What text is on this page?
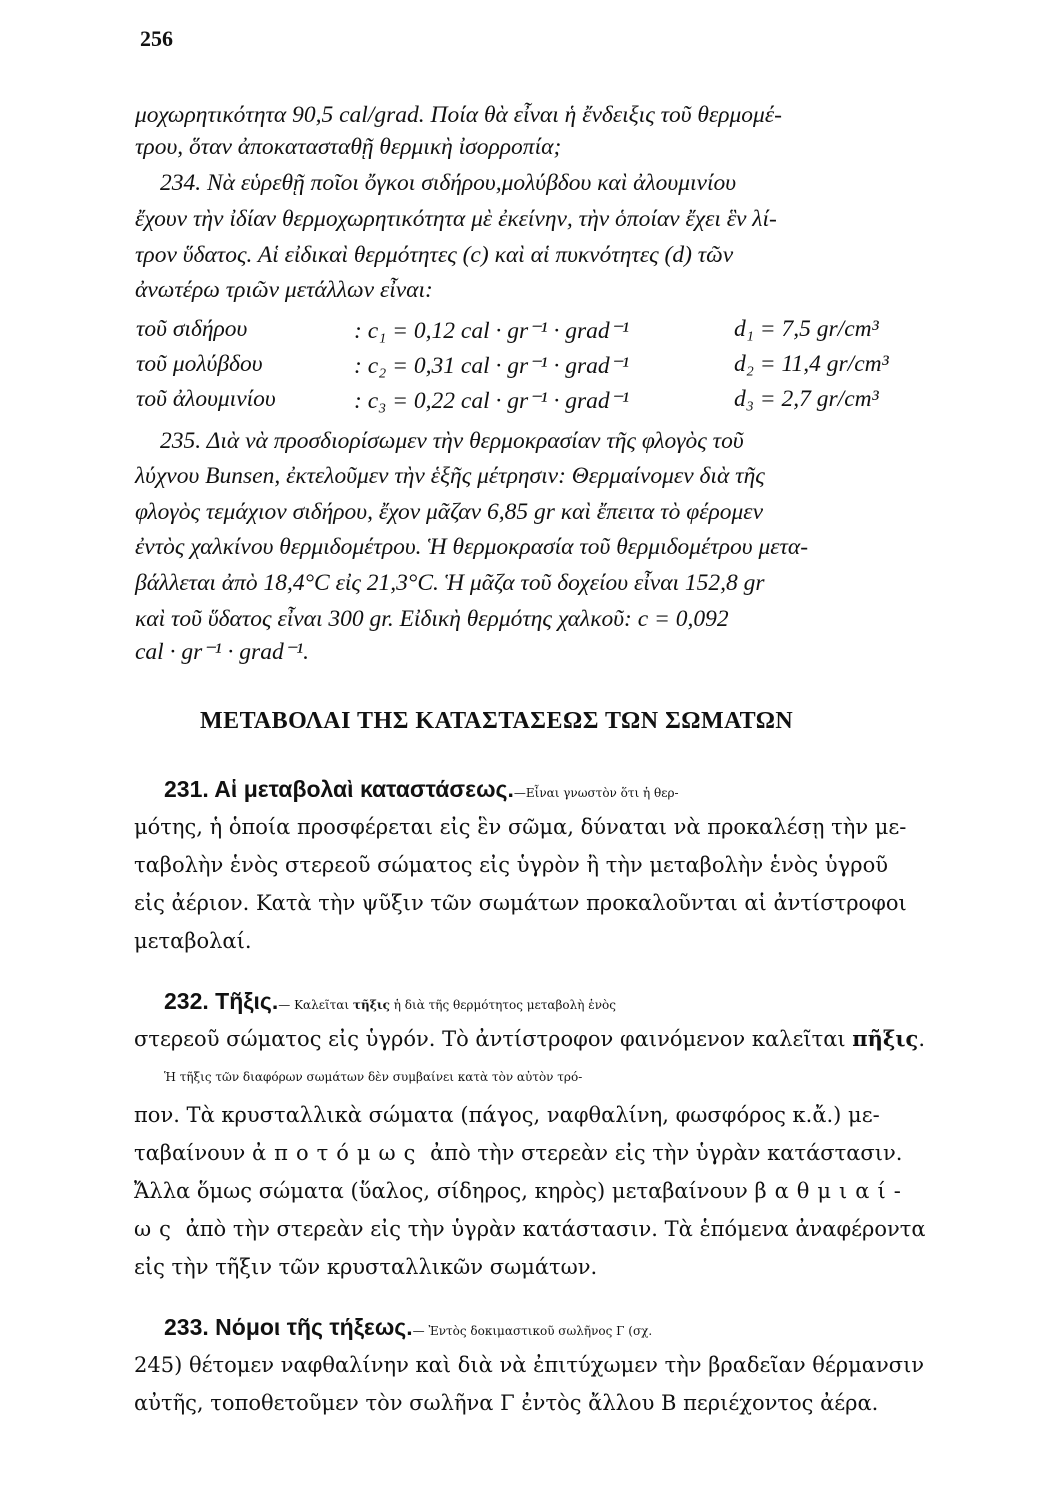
256
μοχωρητικότητα 90,5 cal/grad. Ποία θὰ εἶναι ἡ ἔνδειξις τοῦ θερμομέ-
τρου, ὅταν ἀποκατασταθῇ θερμικὴ ἰσορροπία;
234. Νὰ εὑρεθῇ ποῖοι ὄγκοι σιδήρου,μολύβδου καὶ ἀλουμινίου
ἔχουν τὴν ἰδίαν θερμοχωρητικότητα μὲ ἐκείνην, τὴν ὁποίαν ἔχει ἓν λί-
τρον ὕδατος. Αἱ εἰδικαὶ θερμότητες (c) καὶ αἱ πυκνότητες (d) τῶν
ἀνωτέρω τριῶν μετάλλων εἶναι:
τοῦ σιδήρου	: c₁ = 0,12 cal · gr⁻¹ · grad⁻¹	d₁ = 7,5 gr/cm³
τοῦ μολύβδου	: c₂ = 0,31 cal · gr⁻¹ · grad⁻¹	d₂ = 11,4 gr/cm³
τοῦ ἀλουμινίου	: c₃ = 0,22 cal · gr⁻¹ · grad⁻¹	d₃ = 2,7 gr/cm³
235. Διὰ νὰ προσδιορίσωμεν τὴν θερμοκρασίαν τῆς φλογὸς τοῦ
λύχνου Bunsen, ἐκτελοῦμεν τὴν ἑξῆς μέτρησιν: Θερμαίνομεν διὰ τῆς
φλογὸς τεμάχιον σιδήρου, ἔχον μᾶζαν 6,85 gr καὶ ἔπειτα τὸ φέρομεν
ἐντὸς χαλκίνου θερμιδομέτρου. Ἡ θερμοκρασία τοῦ θερμιδομέτρου μετα-
βάλλεται ἀπὸ 18,4°C εἰς 21,3°C. Ἡ μᾶζα τοῦ δοχείου εἶναι 152,8 gr
καὶ τοῦ ὕδατος εἶναι 300 gr. Εἰδικὴ θερμότης χαλκοῦ: c = 0,092
cal · gr⁻¹ · grad⁻¹.
ΜΕΤΑΒΟΛΑΙ ΤΗΣ ΚΑΤΑΣΤΑΣΕΩΣ ΤΩΝ ΣΩΜΑΤΩΝ
231. Αἱ μεταβολαὶ καταστάσεως.—Εἶναι γνωστὸν ὅτι ἡ θερ-
μότης, ἡ ὁποία προσφέρεται εἰς ἓν σῶμα, δύναται νὰ προκαλέσῃ τὴν με-
ταβολὴν ἑνὸς στερεοῦ σώματος εἰς ὑγρὸν ἢ τὴν μεταβολὴν ἑνὸς ὑγροῦ
εἰς ἀέριον. Κατὰ τὴν ψῦξιν τῶν σωμάτων προκαλοῦνται αἱ ἀντίστροφοι
μεταβολαί.
232. Τῆξις.— Καλεῖται τῆξις ἡ διὰ τῆς θερμότητος μεταβολὴ ἑνὸς
στερεοῦ σώματος εἰς ὑγρόν. Τὸ ἀντίστροφον φαινόμενον καλεῖται πῆξις.
Ἡ τῆξις τῶν διαφόρων σωμάτων δὲν συμβαίνει κατὰ τὸν αὐτὸν τρό-
πον. Τὰ κρυσταλλικὰ σώματα (πάγος, ναφθαλίνη, φωσφόρος κ.ἄ.) με-
ταβαίνουν ἀποτόμως ἀπὸ τὴν στερεὰν εἰς τὴν ὑγρὰν κατάστασιν.
Ἄλλα ὅμως σώματα (ὕαλος, σίδηρος, κηρὸς) μεταβαίνουν βαθμιαί-
ως ἀπὸ τὴν στερεὰν εἰς τὴν ὑγρὰν κατάστασιν. Τὰ ἑπόμενα ἀναφέροντα
εἰς τὴν τῆξιν τῶν κρυσταλλικῶν σωμάτων.
233. Νόμοι τῆς τήξεως.— Ἐντὸς δοκιμαστικοῦ σωλῆνος Γ (σχ.
245) θέτομεν ναφθαλίνην καὶ διὰ νὰ ἐπιτύχωμεν τὴν βραδεῖαν θέρμανσιν
αὐτῆς, τοποθετοῦμεν τὸν σωλῆνα Γ ἐντὸς ἄλλου Β περιέχοντος ἀέρα.
